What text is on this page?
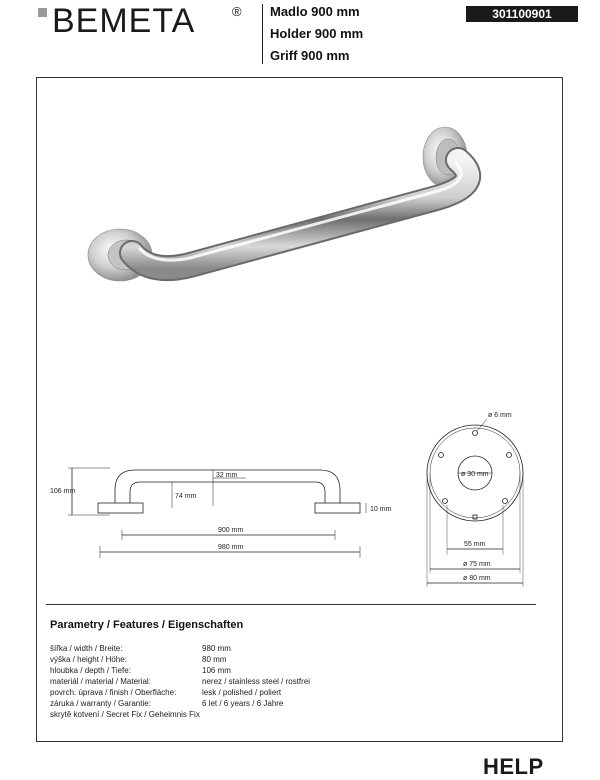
BEMETA	® Madlo 900 mm
Holder 900 mm
Griff 900 mm
301100901
106 mm
32 mm
74 mm
10 mm
900 mm
980 mm
ø 6 mm
ø 30 mm
55 mm
ø 75 mm
ø 80 mm
Parametry / Features / Eigenschaften
šířka / width / Breite:	980 mm
výška / height / Höhe:	80 mm
hloubka / depth / Tiefe:	106 mm
materiál / material / Material:	nerez / stainless steel / rostfrei
povrch. úprava / finish / Oberfläche:	lesk / polished / poliert
záruka / warranty / Garantie:	6 let / 6 years / 6 Jahre
skrytě kotvení / Secret Fix / Geheimnis Fix
HELP
